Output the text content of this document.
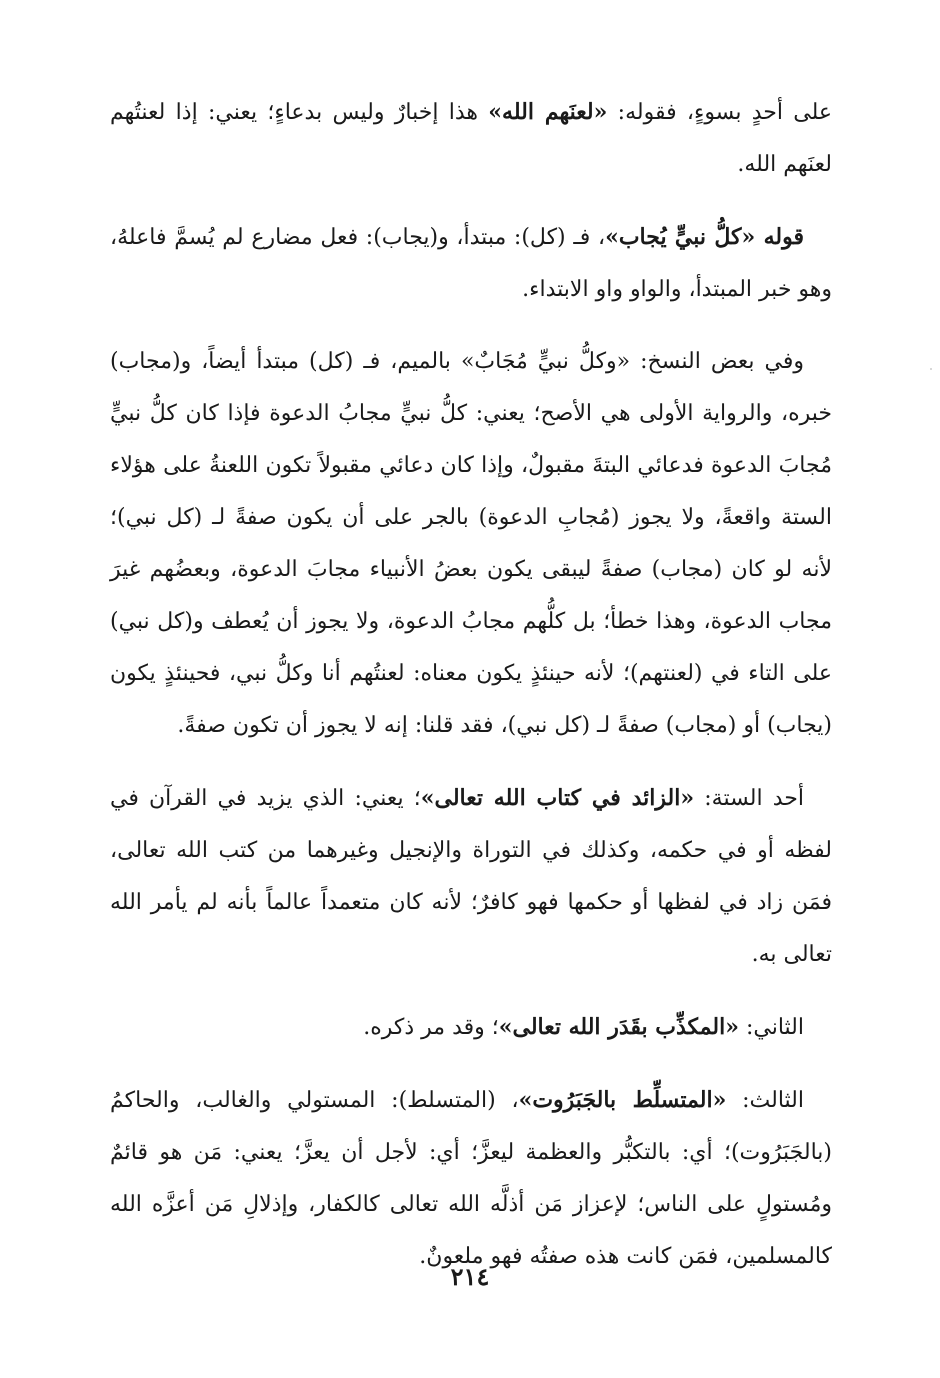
على أحدٍ بسوءٍ، فقوله: «لعنَهم الله» هذا إخبارٌ وليس بدعاءٍ؛ يعني: إذا لعنتُهم لعنَهم الله.

قوله «كلُّ نبيٍّ يُجاب»، فـ (كل): مبتدأ، و(يجاب): فعل مضارع لم يُسمَّ فاعلهُ، وهو خبر المبتدأ، والواو واو الابتداء.

وفي بعض النسخ: «وكلُّ نبيٍّ مُجَابٌ» بالميم، فـ (كل) مبتدأ أيضاً، و(مجاب) خبره، والرواية الأولى هي الأصح؛ يعني: كلُّ نبيٍّ مجابُ الدعوة فإذا كان كلُّ نبيٍّ مُجابَ الدعوة فدعائي البتةَ مقبولٌ، وإذا كان دعائي مقبولاً تكون اللعنةُ على هؤلاء الستة واقعةً، ولا يجوز (مُجابِ الدعوة) بالجر على أن يكون صفةً لـ (كل نبي)؛ لأنه لو كان (مجاب) صفةً ليبقى يكون بعضُ الأنبياء مجابَ الدعوة، وبعضُهم غيرَ مجاب الدعوة، وهذا خطأ؛ بل كلُّهم مجابُ الدعوة، ولا يجوز أن يُعطف و(كل نبي) على التاء في (لعنتهم)؛ لأنه حينئذٍ يكون معناه: لعنتُهم أنا وكلُّ نبي، فحينئذٍ يكون (يجاب) أو (مجاب) صفةً لـ (كل نبي)، فقد قلنا: إنه لا يجوز أن تكون صفةً.

أحد الستة: «الزائد في كتاب الله تعالى»؛ يعني: الذي يزيد في القرآن في لفظه أو في حكمه، وكذلك في التوراة والإنجيل وغيرهما من كتب الله تعالى، فمَن زاد في لفظها أو حكمها فهو كافرٌ؛ لأنه كان متعمداً عالماً بأنه لم يأمر الله تعالى به.

الثاني: «المكذِّب بقَدَر الله تعالى»؛ وقد مر ذكره.

الثالث: «المتسلِّط بالجَبَرُوت»، (المتسلط): المستولي والغالب، والحاكمُ (بالجَبَرُوت)؛ أي: بالتكبُّر والعظمة ليعزَّ؛ أي: لأجل أن يعزَّ؛ يعني: مَن هو قائمٌ ومُستولٍ على الناس؛ لإعزاز مَن أذلَّه الله تعالى كالكفار، وإذلالِ مَن أعزَّه الله كالمسلمين، فمَن كانت هذه صفتُه فهو ملعونٌ.

٢١٤
